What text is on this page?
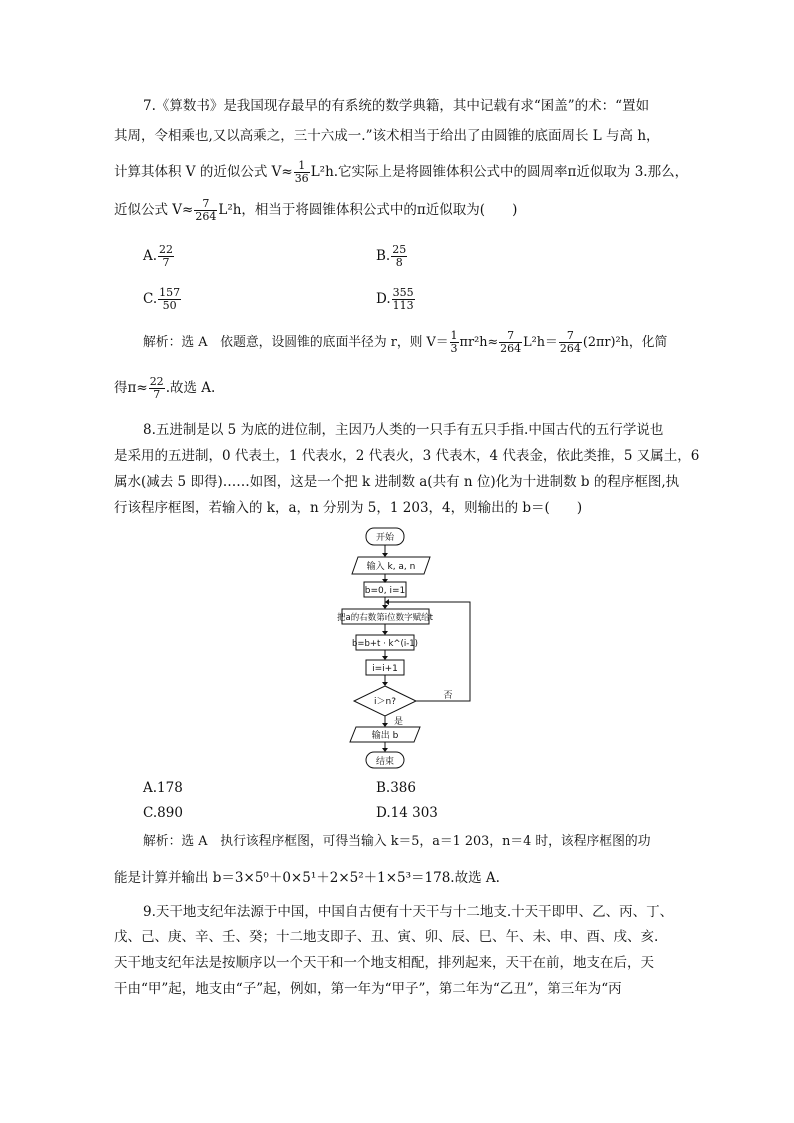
7.《算数书》是我国现存最早的有系统的数学典籍，其中记载有求“囷盖”的术：“置如
其周，令相乘也,又以高乘之，三十六成一.”该术相当于给出了由圆锥的底面周长 L 与高 h，
计算其体积 V 的近似公式 $V\approx \frac{1}{36} L^2h$.它实际上是将圆锥体积公式中的圆周率π近似取为 3.那么，
近似公式 $V\approx \frac{7}{264} L^2h$，相当于将圆锥体积公式中的π近似取为(　　)
A. $\frac{22}{7}$	B. $\frac{25}{8}$
C. $\frac{157}{50}$	D. $\frac{355}{113}$
解析：选 A　依题意，设圆锥的底面半径为 r，则 $V= \frac{1}{3} \pi r^2h\approx \frac{7}{264} L^2h= \frac{7}{264} (2\pi r)^2h$，化简
得$\pi\approx \frac{22}{7}$ .故选 A.
8.五进制是以 5 为底的进位制，主因乃人类的一只手有五只手指.中国古代的五行学说也
是采用的五进制，0 代表土，1 代表水，2 代表火，3 代表木，4 代表金，依此类推，5 又属土，6
属水(减去 5 即得)……如图，这是一个把 k 进制数 a(共有 n 位)化为十进制数 b 的程序框图,执
行该程序框图，若输入的 k，a，n 分别为 5，1 203，4，则输出的 b＝(　　)
开始
输入 k, a, n
b=0, i=1
把a的右数第i位数字赋给t
b=b+t · k^(i-1)
i=i+1
i＞n?
否
是
输出 b
结束
A.178	B.386
C.890	D.14 303
解析：选 A　执行该程序框图，可得当输入 k＝5，a＝1 203，n＝4 时，该程序框图的功
能是计算并输出 b＝3×5⁰＋0×5¹＋2×5²＋1×5³＝178.故选 A.
9.天干地支纪年法源于中国，中国自古便有十天干与十二地支.十天干即甲、乙、丙、丁、
戊、己、庚、辛、壬、癸；十二地支即子、丑、寅、卯、辰、巳、午、未、申、酉、戌、亥.
天干地支纪年法是按顺序以一个天干和一个地支相配，排列起来，天干在前，地支在后，天
干由“甲”起，地支由“子”起，例如，第一年为“甲子”，第二年为“乙丑”，第三年为“丙
